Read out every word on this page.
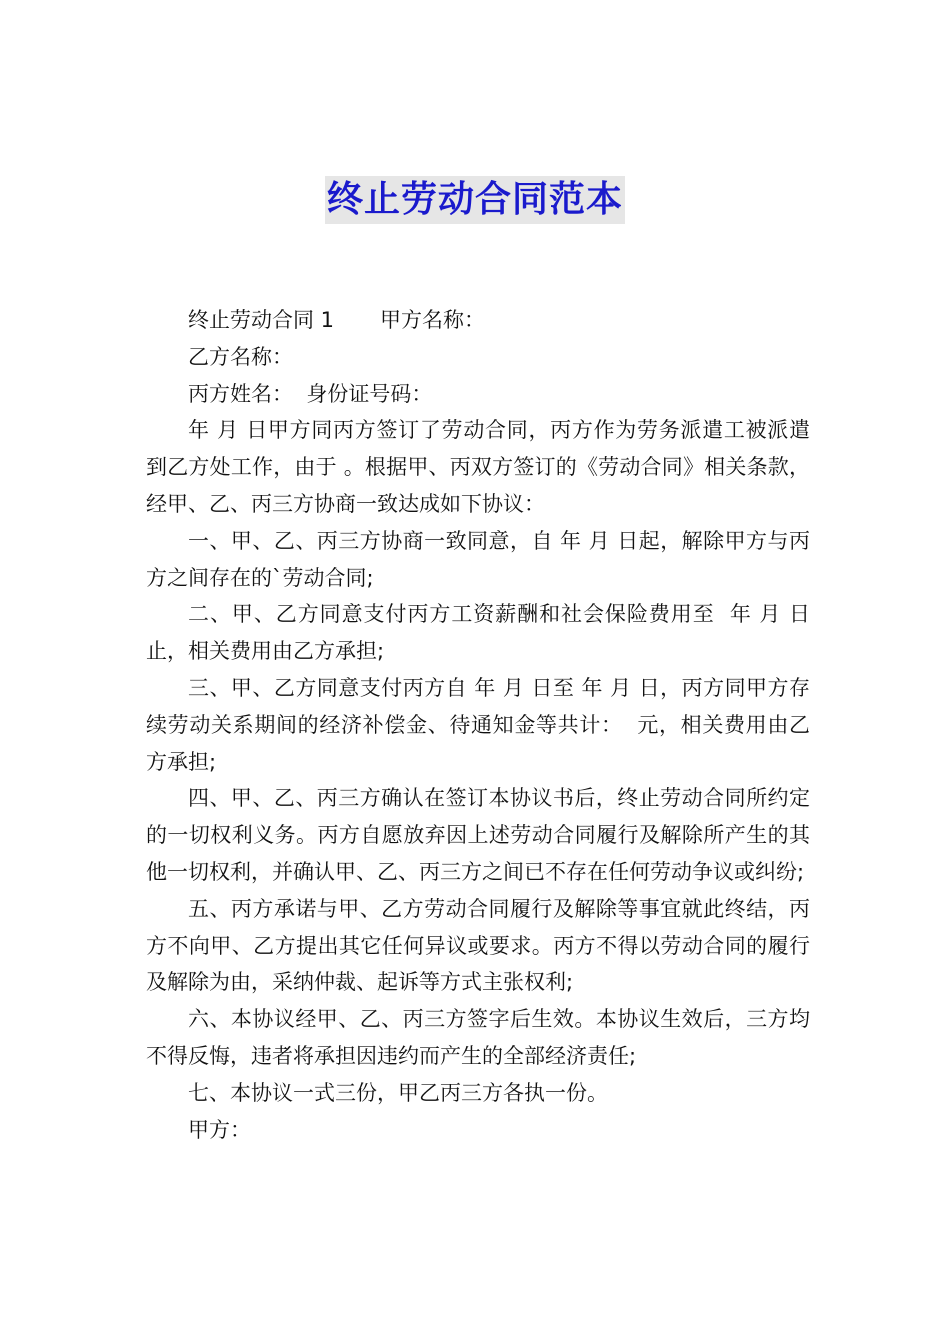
终止劳动合同范本

终止劳动合同 1 甲方名称：

乙方名称：

丙方姓名：  身份证号码：

年 月 日甲方同丙方签订了劳动合同，丙方作为劳务派遣工被派遣到乙方处工作，由于 。根据甲、丙双方签订的《劳动合同》相关条款，经甲、乙、丙三方协商一致达成如下协议：

一、甲、乙、丙三方协商一致同意，自 年 月 日起，解除甲方与丙方之间存在的`劳动合同;

二、甲、乙方同意支付丙方工资薪酬和社会保险费用至  年 月 日止，相关费用由乙方承担;

三、甲、乙方同意支付丙方自 年 月 日至 年 月 日，丙方同甲方存续劳动关系期间的经济补偿金、待通知金等共计：  元，相关费用由乙方承担;

四、甲、乙、丙三方确认在签订本协议书后，终止劳动合同所约定的一切权利义务。丙方自愿放弃因上述劳动合同履行及解除所产生的其他一切权利，并确认甲、乙、丙三方之间已不存在任何劳动争议或纠纷;

五、丙方承诺与甲、乙方劳动合同履行及解除等事宜就此终结，丙方不向甲、乙方提出其它任何异议或要求。丙方不得以劳动合同的履行及解除为由，采纳仲裁、起诉等方式主张权利;

六、本协议经甲、乙、丙三方签字后生效。本协议生效后，三方均不得反悔，违者将承担因违约而产生的全部经济责任;

七、本协议一式三份，甲乙丙三方各执一份。

甲方：
